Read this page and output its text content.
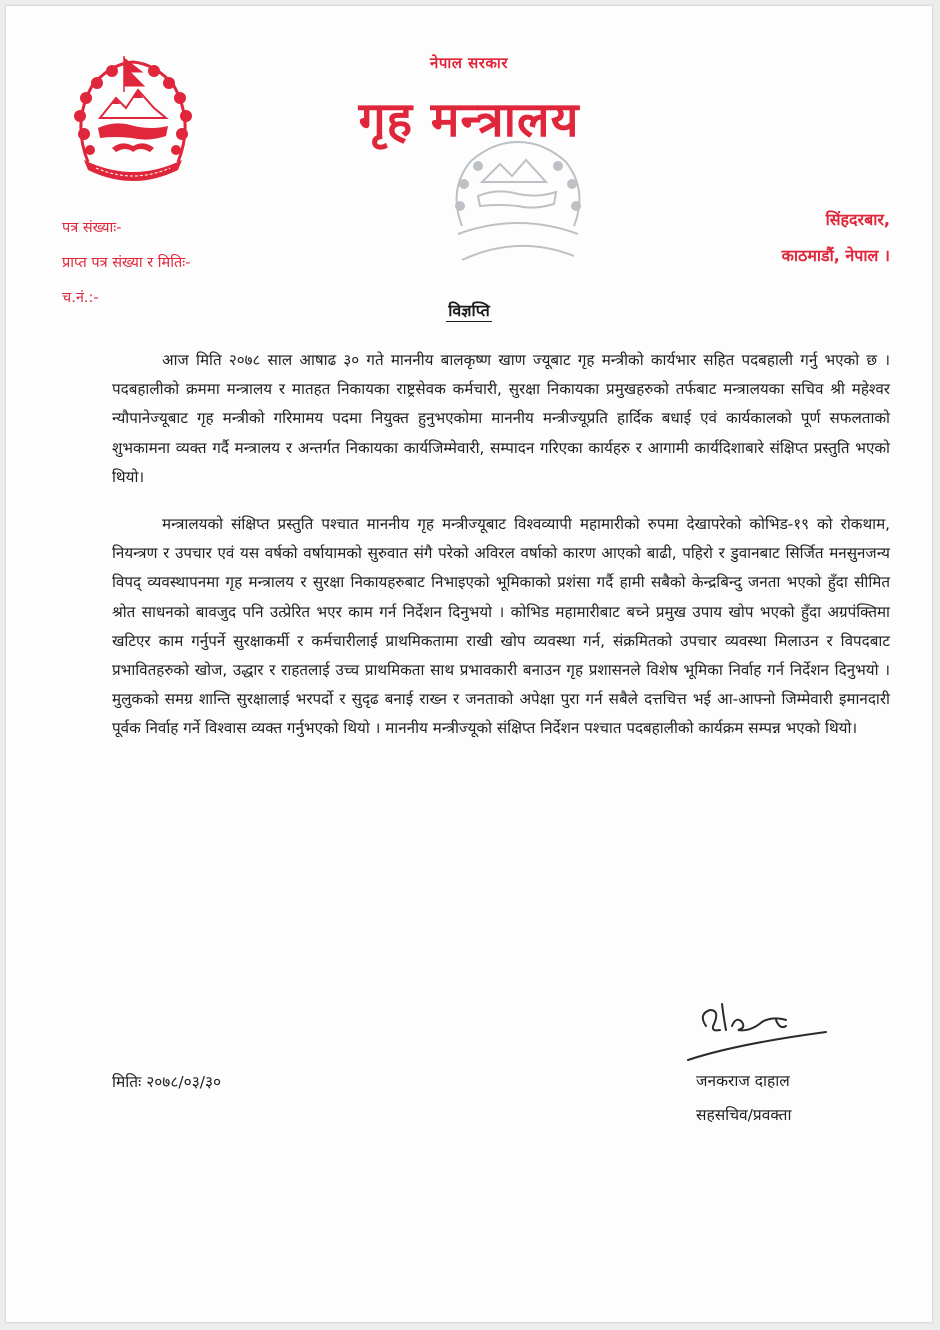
नेपाल सरकार
गृह मन्त्रालय
पत्र संख्याः-
प्राप्त पत्र संख्या र मितिः-
च.नं.:-
सिंहदरबार,
काठमाडौं, नेपाल ।
विज्ञप्ति

आज मिति २०७८ साल आषाढ ३० गते माननीय बालकृष्ण खाण ज्यूबाट गृह मन्त्रीको कार्यभार सहित पदबहाली गर्नु भएको छ । पदबहालीको क्रममा मन्त्रालय र मातहत निकायका राष्ट्रसेवक कर्मचारी, सुरक्षा निकायका प्रमुखहरुको तर्फबाट मन्त्रालयका सचिव श्री महेश्वर न्यौपानेज्यूबाट गृह मन्त्रीको गरिमामय पदमा नियुक्त हुनुभएकोमा माननीय मन्त्रीज्यूप्रति हार्दिक बधाई एवं कार्यकालको पूर्ण सफलताको शुभकामना व्यक्त गर्दै मन्त्रालय र अन्तर्गत निकायका कार्यजिम्मेवारी, सम्पादन गरिएका कार्यहरु र आगामी कार्यदिशाबारे संक्षिप्त प्रस्तुति भएको थियो।

मन्त्रालयको संक्षिप्त प्रस्तुति पश्चात माननीय गृह मन्त्रीज्यूबाट विश्वव्यापी महामारीको रुपमा देखापरेको कोभिड-१९ को रोकथाम, नियन्त्रण र उपचार एवं यस वर्षको वर्षायामको सुरुवात संगै परेको अविरल वर्षाको कारण आएको बाढी, पहिरो र डुवानबाट सिर्जित मनसुनजन्य विपद् व्यवस्थापनमा गृह मन्त्रालय र सुरक्षा निकायहरुबाट निभाइएको भूमिकाको प्रशंसा गर्दै हामी सबैको केन्द्रबिन्दु जनता भएको हुँदा सीमित श्रोत साधनको बावजुद पनि उत्प्रेरित भएर काम गर्न निर्देशन दिनुभयो । कोभिड महामारीबाट बच्ने प्रमुख उपाय खोप भएको हुँदा अग्रपंक्तिमा खटिएर काम गर्नुपर्ने सुरक्षाकर्मी र कर्मचारीलाई प्राथमिकतामा राखी खोप व्यवस्था गर्न, संक्रमितको उपचार व्यवस्था मिलाउन र विपदबाट प्रभावितहरुको खोज, उद्धार र राहतलाई उच्च प्राथमिकता साथ प्रभावकारी बनाउन गृह प्रशासनले विशेष भूमिका निर्वाह गर्न निर्देशन दिनुभयो । मुलुकको समग्र शान्ति सुरक्षालाई भरपर्दो र सुदृढ बनाई राख्न र जनताको अपेक्षा पुरा गर्न सबैले दत्तचित्त भई आ-आफ्नो जिम्मेवारी इमानदारी पूर्वक निर्वाह गर्ने विश्वास व्यक्त गर्नुभएको थियो । माननीय मन्त्रीज्यूको संक्षिप्त निर्देशन पश्चात पदबहालीको कार्यक्रम सम्पन्न भएको थियो।

मितिः २०७८/०३/३०	जनकराज दाहाल
सहसचिव/प्रवक्ता
